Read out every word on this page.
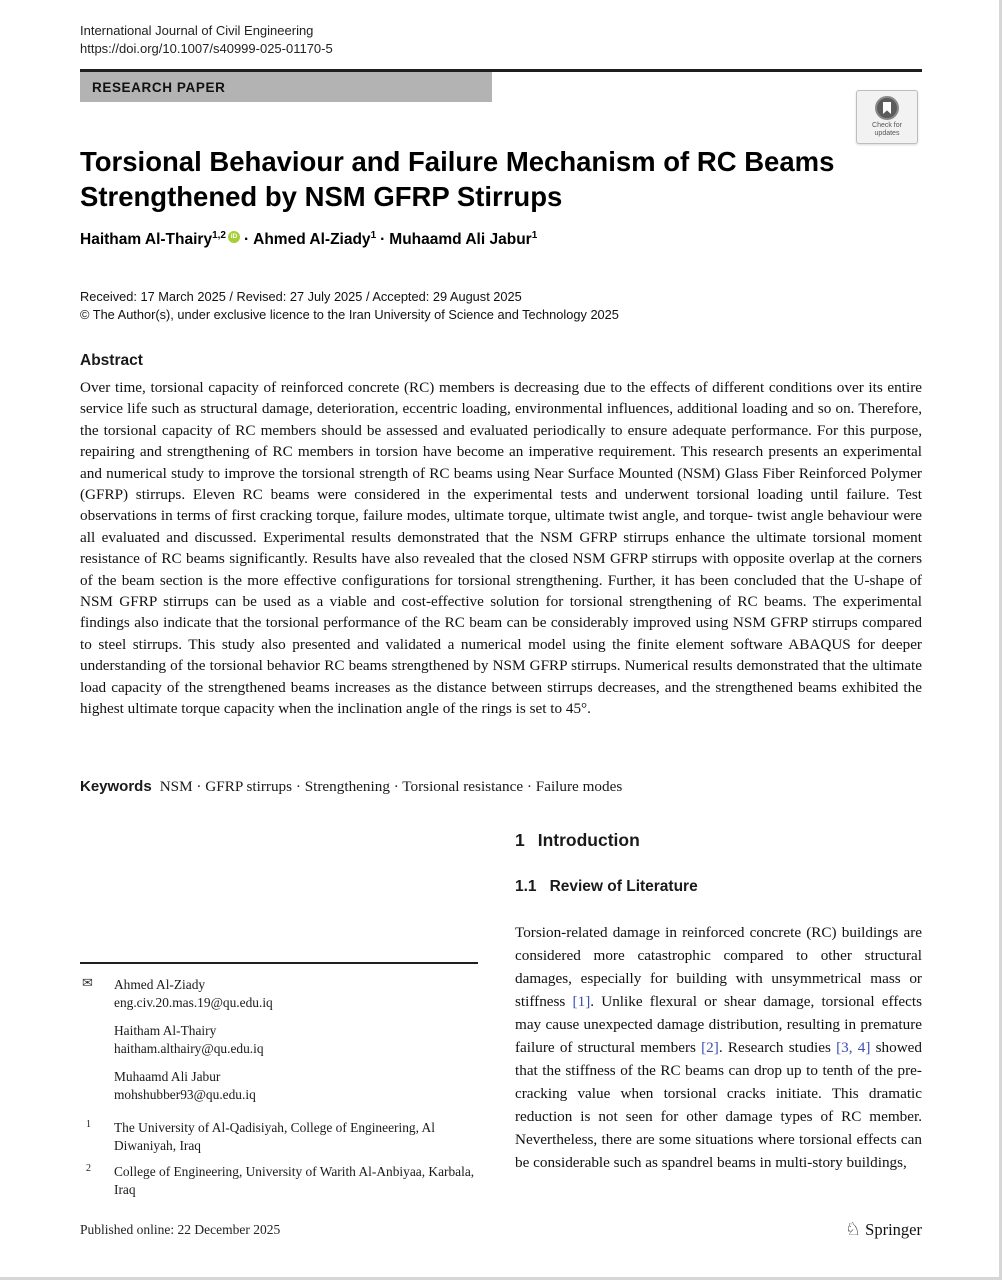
International Journal of Civil Engineering
https://doi.org/10.1007/s40999-025-01170-5
RESEARCH PAPER
Check for updates
Torsional Behaviour and Failure Mechanism of RC Beams Strengthened by NSM GFRP Stirrups
Haitham Al-Thairy$^{1,2}$ iD · Ahmed Al-Ziady$^1$ · Muhaamd Ali Jabur$^1$
Received: 17 March 2025 / Revised: 27 July 2025 / Accepted: 29 August 2025
© The Author(s), under exclusive licence to the Iran University of Science and Technology 2025
Abstract

Over time, torsional capacity of reinforced concrete (RC) members is decreasing due to the effects of different conditions over its entire service life such as structural damage, deterioration, eccentric loading, environmental influences, additional loading and so on. Therefore, the torsional capacity of RC members should be assessed and evaluated periodically to ensure adequate performance. For this purpose, repairing and strengthening of RC members in torsion have become an imperative requirement. This research presents an experimental and numerical study to improve the torsional strength of RC beams using Near Surface Mounted (NSM) Glass Fiber Reinforced Polymer (GFRP) stirrups. Eleven RC beams were considered in the experimental tests and underwent torsional loading until failure. Test observations in terms of first cracking torque, failure modes, ultimate torque, ultimate twist angle, and torque- twist angle behaviour were all evaluated and discussed. Experimental results demonstrated that the NSM GFRP stirrups enhance the ultimate torsional moment resistance of RC beams significantly. Results have also revealed that the closed NSM GFRP stirrups with opposite overlap at the corners of the beam section is the more effective configurations for torsional strengthening. Further, it has been concluded that the U-shape of NSM GFRP stirrups can be used as a viable and cost-effective solution for torsional strengthening of RC beams. The experimental findings also indicate that the torsional performance of the RC beam can be considerably improved using NSM GFRP stirrups compared to steel stirrups. This study also presented and validated a numerical model using the finite element software ABAQUS for deeper understanding of the torsional behavior RC beams strengthened by NSM GFRP stirrups. Numerical results demonstrated that the ultimate load capacity of the strengthened beams increases as the distance between stirrups decreases, and the strengthened beams exhibited the highest ultimate torque capacity when the inclination angle of the rings is set to 45°.

Keywords NSM · GFRP stirrups · Strengthening · Torsional resistance · Failure modes
1 Introduction
1.1 Review of Literature

Torsion-related damage in reinforced concrete (RC) buildings are considered more catastrophic compared to other structural damages, especially for building with unsymmetrical mass or stiffness [1]. Unlike flexural or shear damage, torsional effects may cause unexpected damage distribution, resulting in premature failure of structural members [2]. Research studies [3, 4] showed that the stiffness of the RC beams can drop up to tenth of the pre-cracking value when torsional cracks initiate. This dramatic reduction is not seen for other damage types of RC member. Nevertheless, there are some situations where torsional effects can be considerable such as spandrel beams in multi-story buildings,

✉ Ahmed Al-Ziady
eng.civ.20.mas.19@qu.edu.iq
Haitham Al-Thairy
haitham.althairy@qu.edu.iq
Muhaamd Ali Jabur
mohshubber93@qu.edu.iq
1 The University of Al-Qadisiyah, College of Engineering, Al Diwaniyah, Iraq
2 College of Engineering, University of Warith Al-Anbiyaa, Karbala, Iraq
Published online: 22 December 2025	♘ Springer
